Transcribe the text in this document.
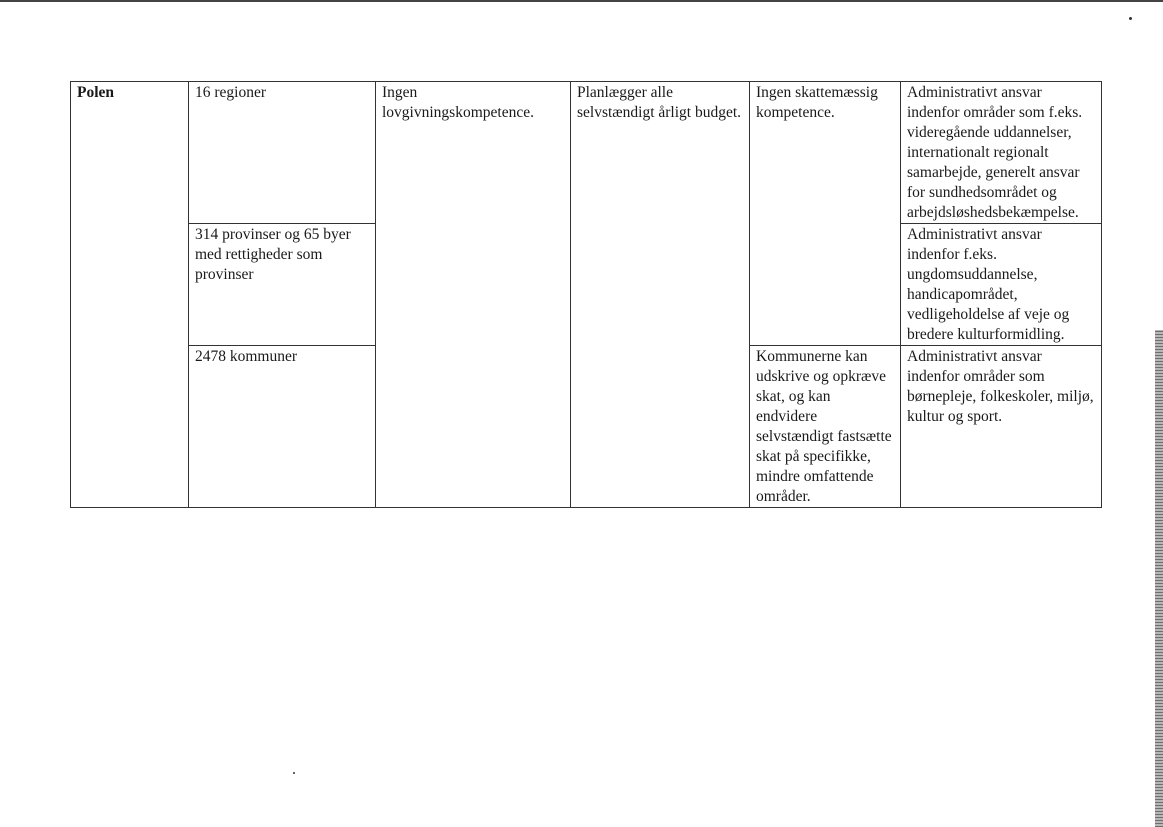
Polen	16 regioner	Ingen lovgivningskompetence.	Planlægger alle selvstændigt årligt budget.	Ingen skattemæssig kompetence.	Administrativt ansvar indenfor områder som f.eks. videregående uddannelser, internationalt regionalt samarbejde, generelt ansvar for sundhedsområdet og arbejdsløshedsbekæmpelse.
	314 provinser og 65 byer med rettigheder som provinser				Administrativt ansvar indenfor f.eks. ungdomsuddannelse, handicapområdet, vedligeholdelse af veje og bredere kulturformidling.
	2478 kommuner			Kommunerne kan udskrive og opkræve skat, og kan endvidere selvstændigt fastsætte skat på specifikke, mindre omfattende områder.	Administrativt ansvar indenfor områder som børnepleje, folkeskoler, miljø, kultur og sport.
